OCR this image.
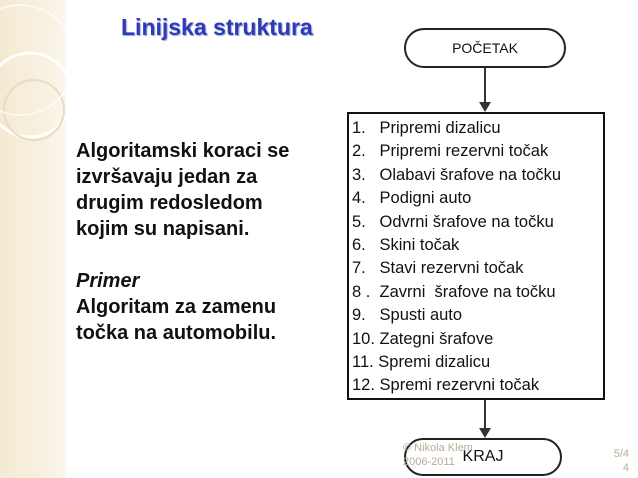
Linijska struktura
Algoritamski koraci se
izvršavaju jedan za
drugim redosledom
kojim su napisani.
Primer
Algoritam za zamenu
točka na automobilu.
POČETAK
1.   Pripremi dizalicu
2.   Pripremi rezervni točak
3.   Olabavi šrafove na točku
4.   Podigni auto
5.   Odvrni šrafove na točku
6.   Skini točak
7.   Stavi rezervni točak
8 .  Zavrni  šrafove na točku
9.   Spusti auto
10. Zategni šrafove
11. Spremi dizalicu
12. Spremi rezervni točak
KRAJ
© Nikola Klem
2006-2011
5/4
4
